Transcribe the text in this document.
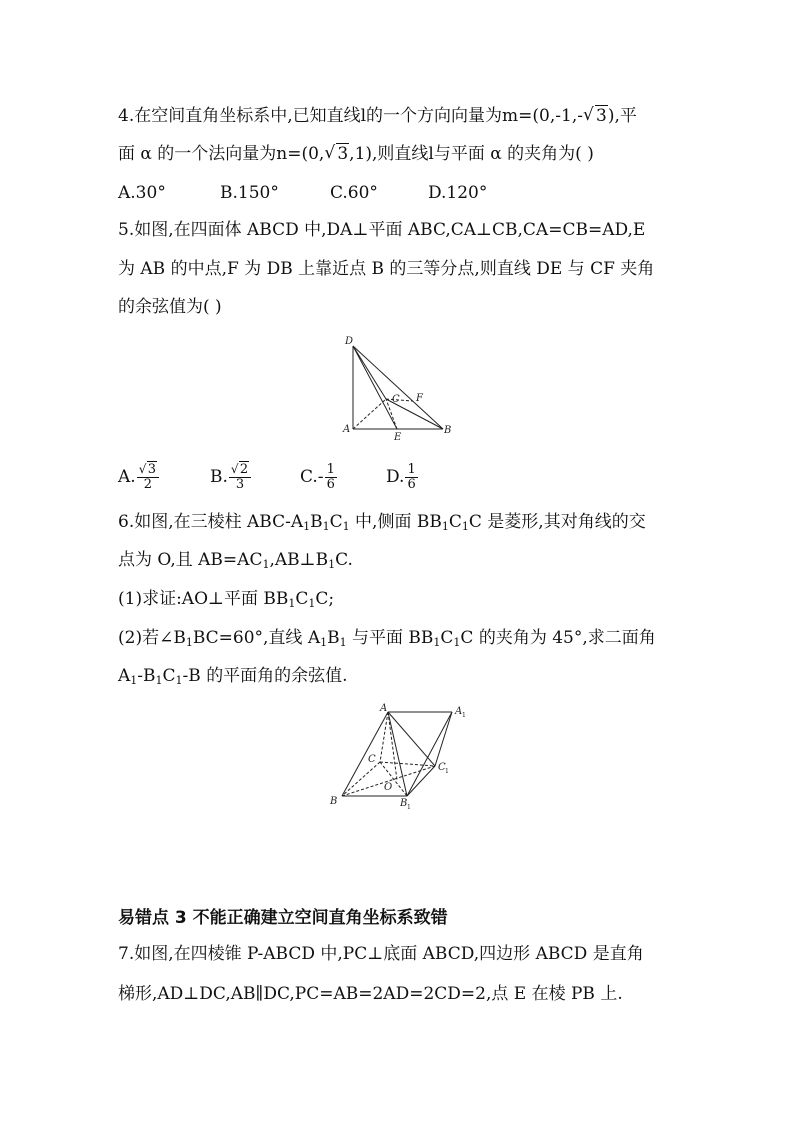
4.在空间直角坐标系中,已知直线l的一个方向向量为m=(0,-1,- √ 3),平
面 α 的一个法向量为n=(0, √ 3,1),则直线l与平面 α 的夹角为( )
A.30°	B.150°	C.60°	D.120°
5.如图,在四面体 ABCD 中,DA⊥平面 ABC,CA⊥CB,CA=CB=AD,E
为 AB 的中点,F 为 DB 上靠近点 B 的三等分点,则直线 DE 与 CF 夹角
的余弦值为( )
D
C F
A
E
B
A. $\frac{√ 3}{2}$	B. $\frac{√ 2}{3}$	$C.- \frac{1}{6}$	D. $\frac{1}{6}$
6.如图,在三棱柱 ABC-$A_1B_1C_1$ 中,侧面 $BB_1C_1C$ 是菱形,其对角线的交
点为 O,且 $AB=AC_1,AB\perp B_1C$.
(1)求证:AO⊥平面 $BB_1C_1C$;
(2)若$\angle B_1BC=60^\circ$,直线 $A_1B_1$ 与平面 $BB_1C_1C$ 的夹角为 45°,求二面角
$A_1-B_1C_1-B$ 的平面角的余弦值.
A	A 1
C
C 1
O
B	B 1
易错点 3 不能正确建立空间直角坐标系致错
7.如图,在四棱锥 P-ABCD 中,PC⊥底面 ABCD,四边形 ABCD 是直角
梯形,AD⊥DC,AB∥DC,PC=AB=2AD=2CD=2,点 E 在棱 PB 上.
